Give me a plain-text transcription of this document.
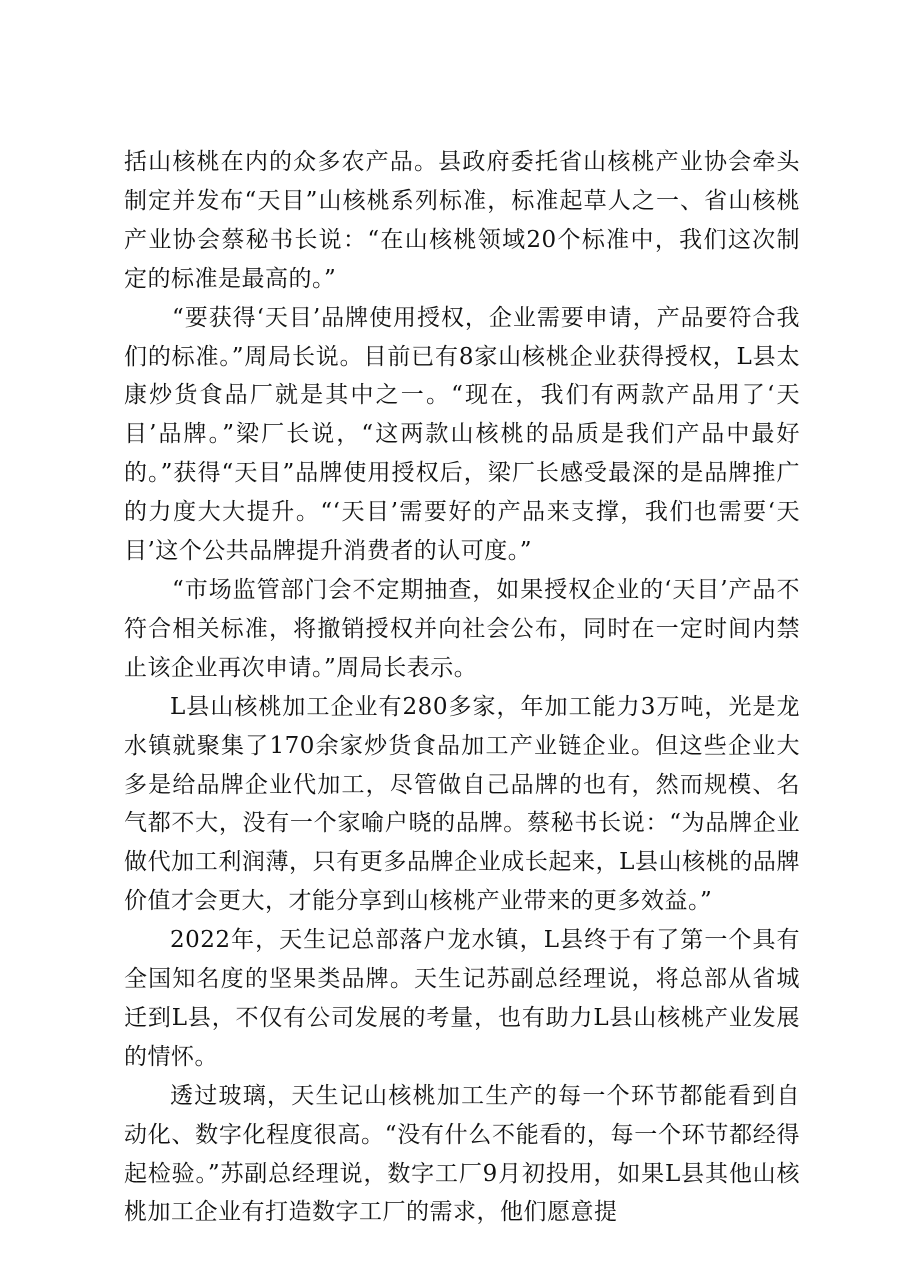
括山核桃在内的众多农产品。县政府委托省山核桃产业协会牵头制定并发布“天目”山核桃系列标准，标准起草人之一、省山核桃产业协会蔡秘书长说：“在山核桃领域20个标准中，我们这次制定的标准是最高的。”

“要获得‘天目’品牌使用授权，企业需要申请，产品要符合我们的标准。”周局长说。目前已有8家山核桃企业获得授权，L县太康炒货食品厂就是其中之一。“现在，我们有两款产品用了‘天目’品牌。”梁厂长说，“这两款山核桃的品质是我们产品中最好的。”获得“天目”品牌使用授权后，梁厂长感受最深的是品牌推广的力度大大提升。“‘天目’需要好的产品来支撑，我们也需要‘天目’这个公共品牌提升消费者的认可度。”

“市场监管部门会不定期抽查，如果授权企业的‘天目’产品不符合相关标准，将撤销授权并向社会公布，同时在一定时间内禁止该企业再次申请。”周局长表示。

L县山核桃加工企业有280多家，年加工能力3万吨，光是龙水镇就聚集了170余家炒货食品加工产业链企业。但这些企业大多是给品牌企业代加工，尽管做自己品牌的也有，然而规模、名气都不大，没有一个家喻户晓的品牌。蔡秘书长说：“为品牌企业做代加工利润薄，只有更多品牌企业成长起来，L县山核桃的品牌价值才会更大，才能分享到山核桃产业带来的更多效益。”

2022年，天生记总部落户龙水镇，L县终于有了第一个具有全国知名度的坚果类品牌。天生记苏副总经理说，将总部从省城迁到L县，不仅有公司发展的考量，也有助力L县山核桃产业发展的情怀。

透过玻璃，天生记山核桃加工生产的每一个环节都能看到自动化、数字化程度很高。“没有什么不能看的，每一个环节都经得起检验。”苏副总经理说，数字工厂9月初投用，如果L县其他山核桃加工企业有打造数字工厂的需求，他们愿意提
